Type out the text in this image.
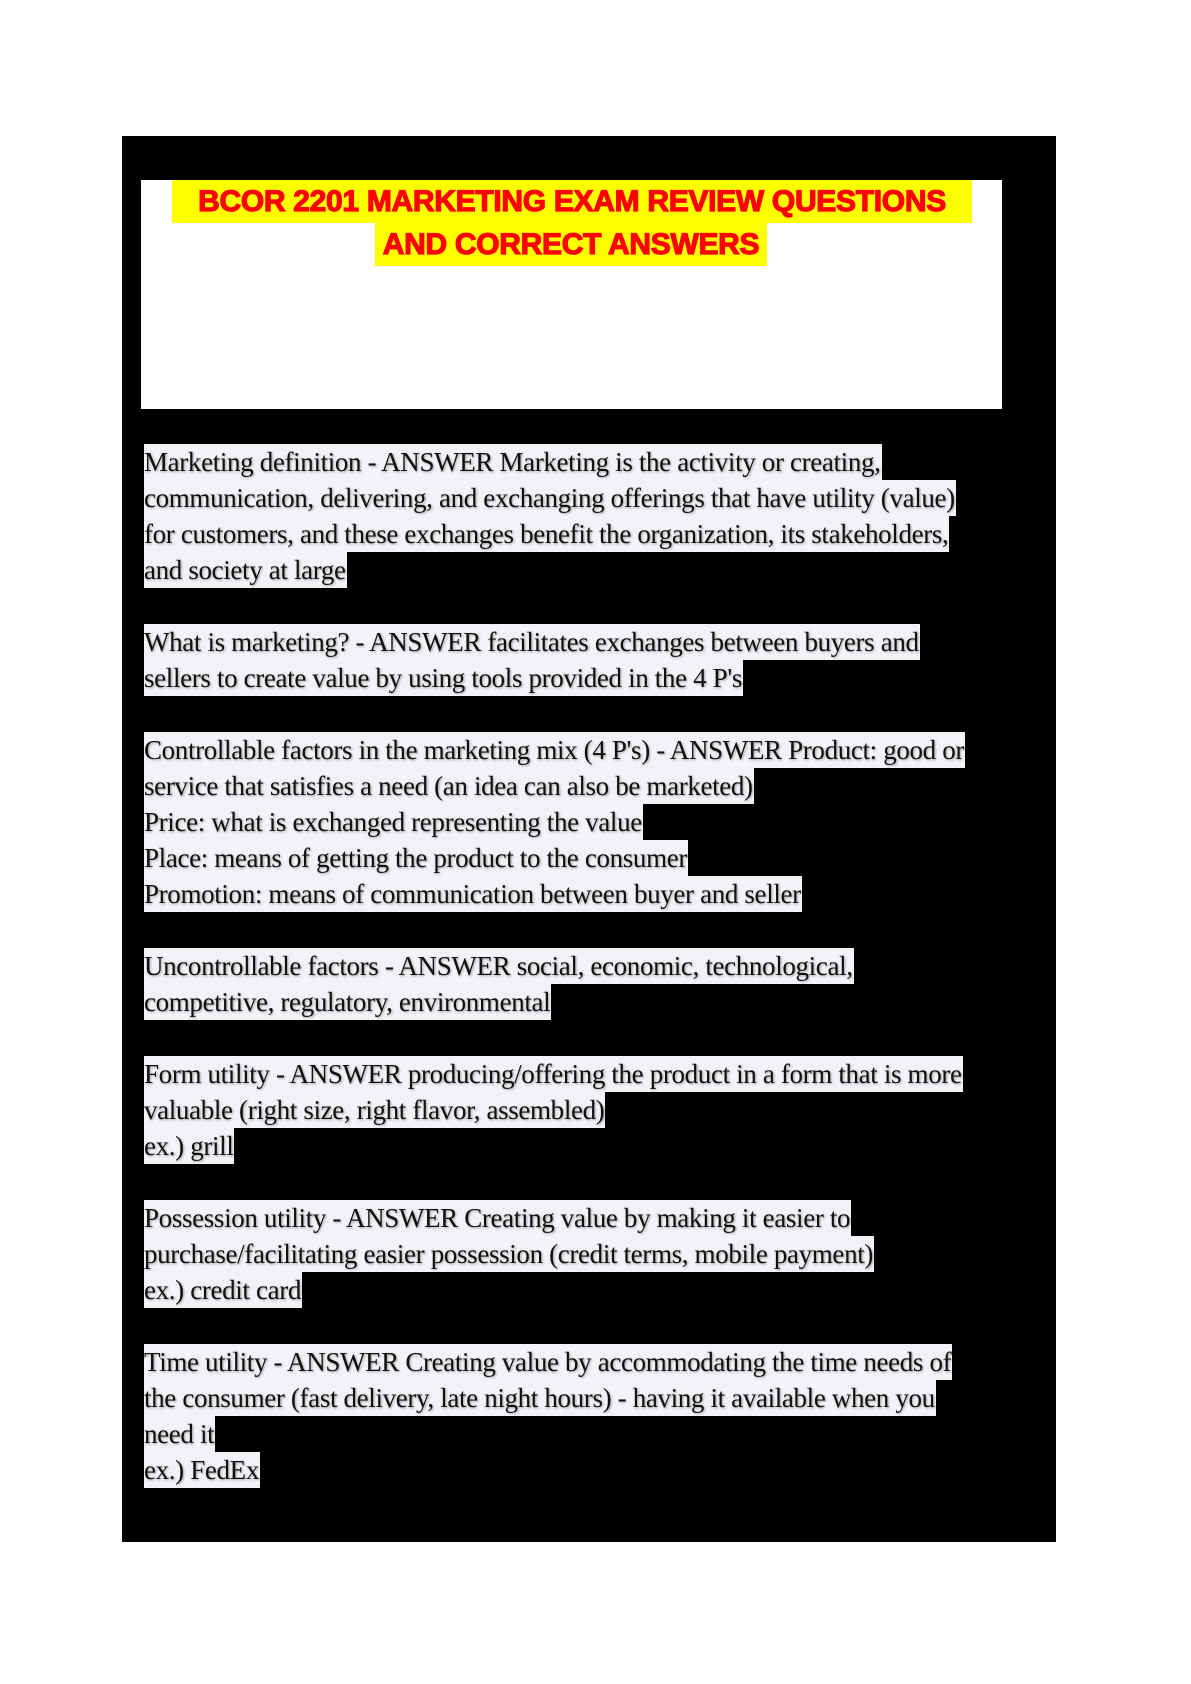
BCOR 2201 MARKETING EXAM REVIEW QUESTIONS
AND CORRECT ANSWERS
Marketing definition - ANSWER Marketing is the activity or creating,
communication, delivering, and exchanging offerings that have utility (value)
for customers, and these exchanges benefit the organization, its stakeholders,
and society at large
What is marketing? - ANSWER facilitates exchanges between buyers and
sellers to create value by using tools provided in the 4 P's
Controllable factors in the marketing mix (4 P's) - ANSWER Product: good or
service that satisfies a need (an idea can also be marketed)
Price: what is exchanged representing the value
Place: means of getting the product to the consumer
Promotion: means of communication between buyer and seller
Uncontrollable factors - ANSWER social, economic, technological,
competitive, regulatory, environmental
Form utility - ANSWER producing/offering the product in a form that is more
valuable (right size, right flavor, assembled)
ex.) grill
Possession utility - ANSWER Creating value by making it easier to
purchase/facilitating easier possession (credit terms, mobile payment)
ex.) credit card
Time utility - ANSWER Creating value by accommodating the time needs of
the consumer (fast delivery, late night hours) - having it available when you
need it
ex.) FedEx
